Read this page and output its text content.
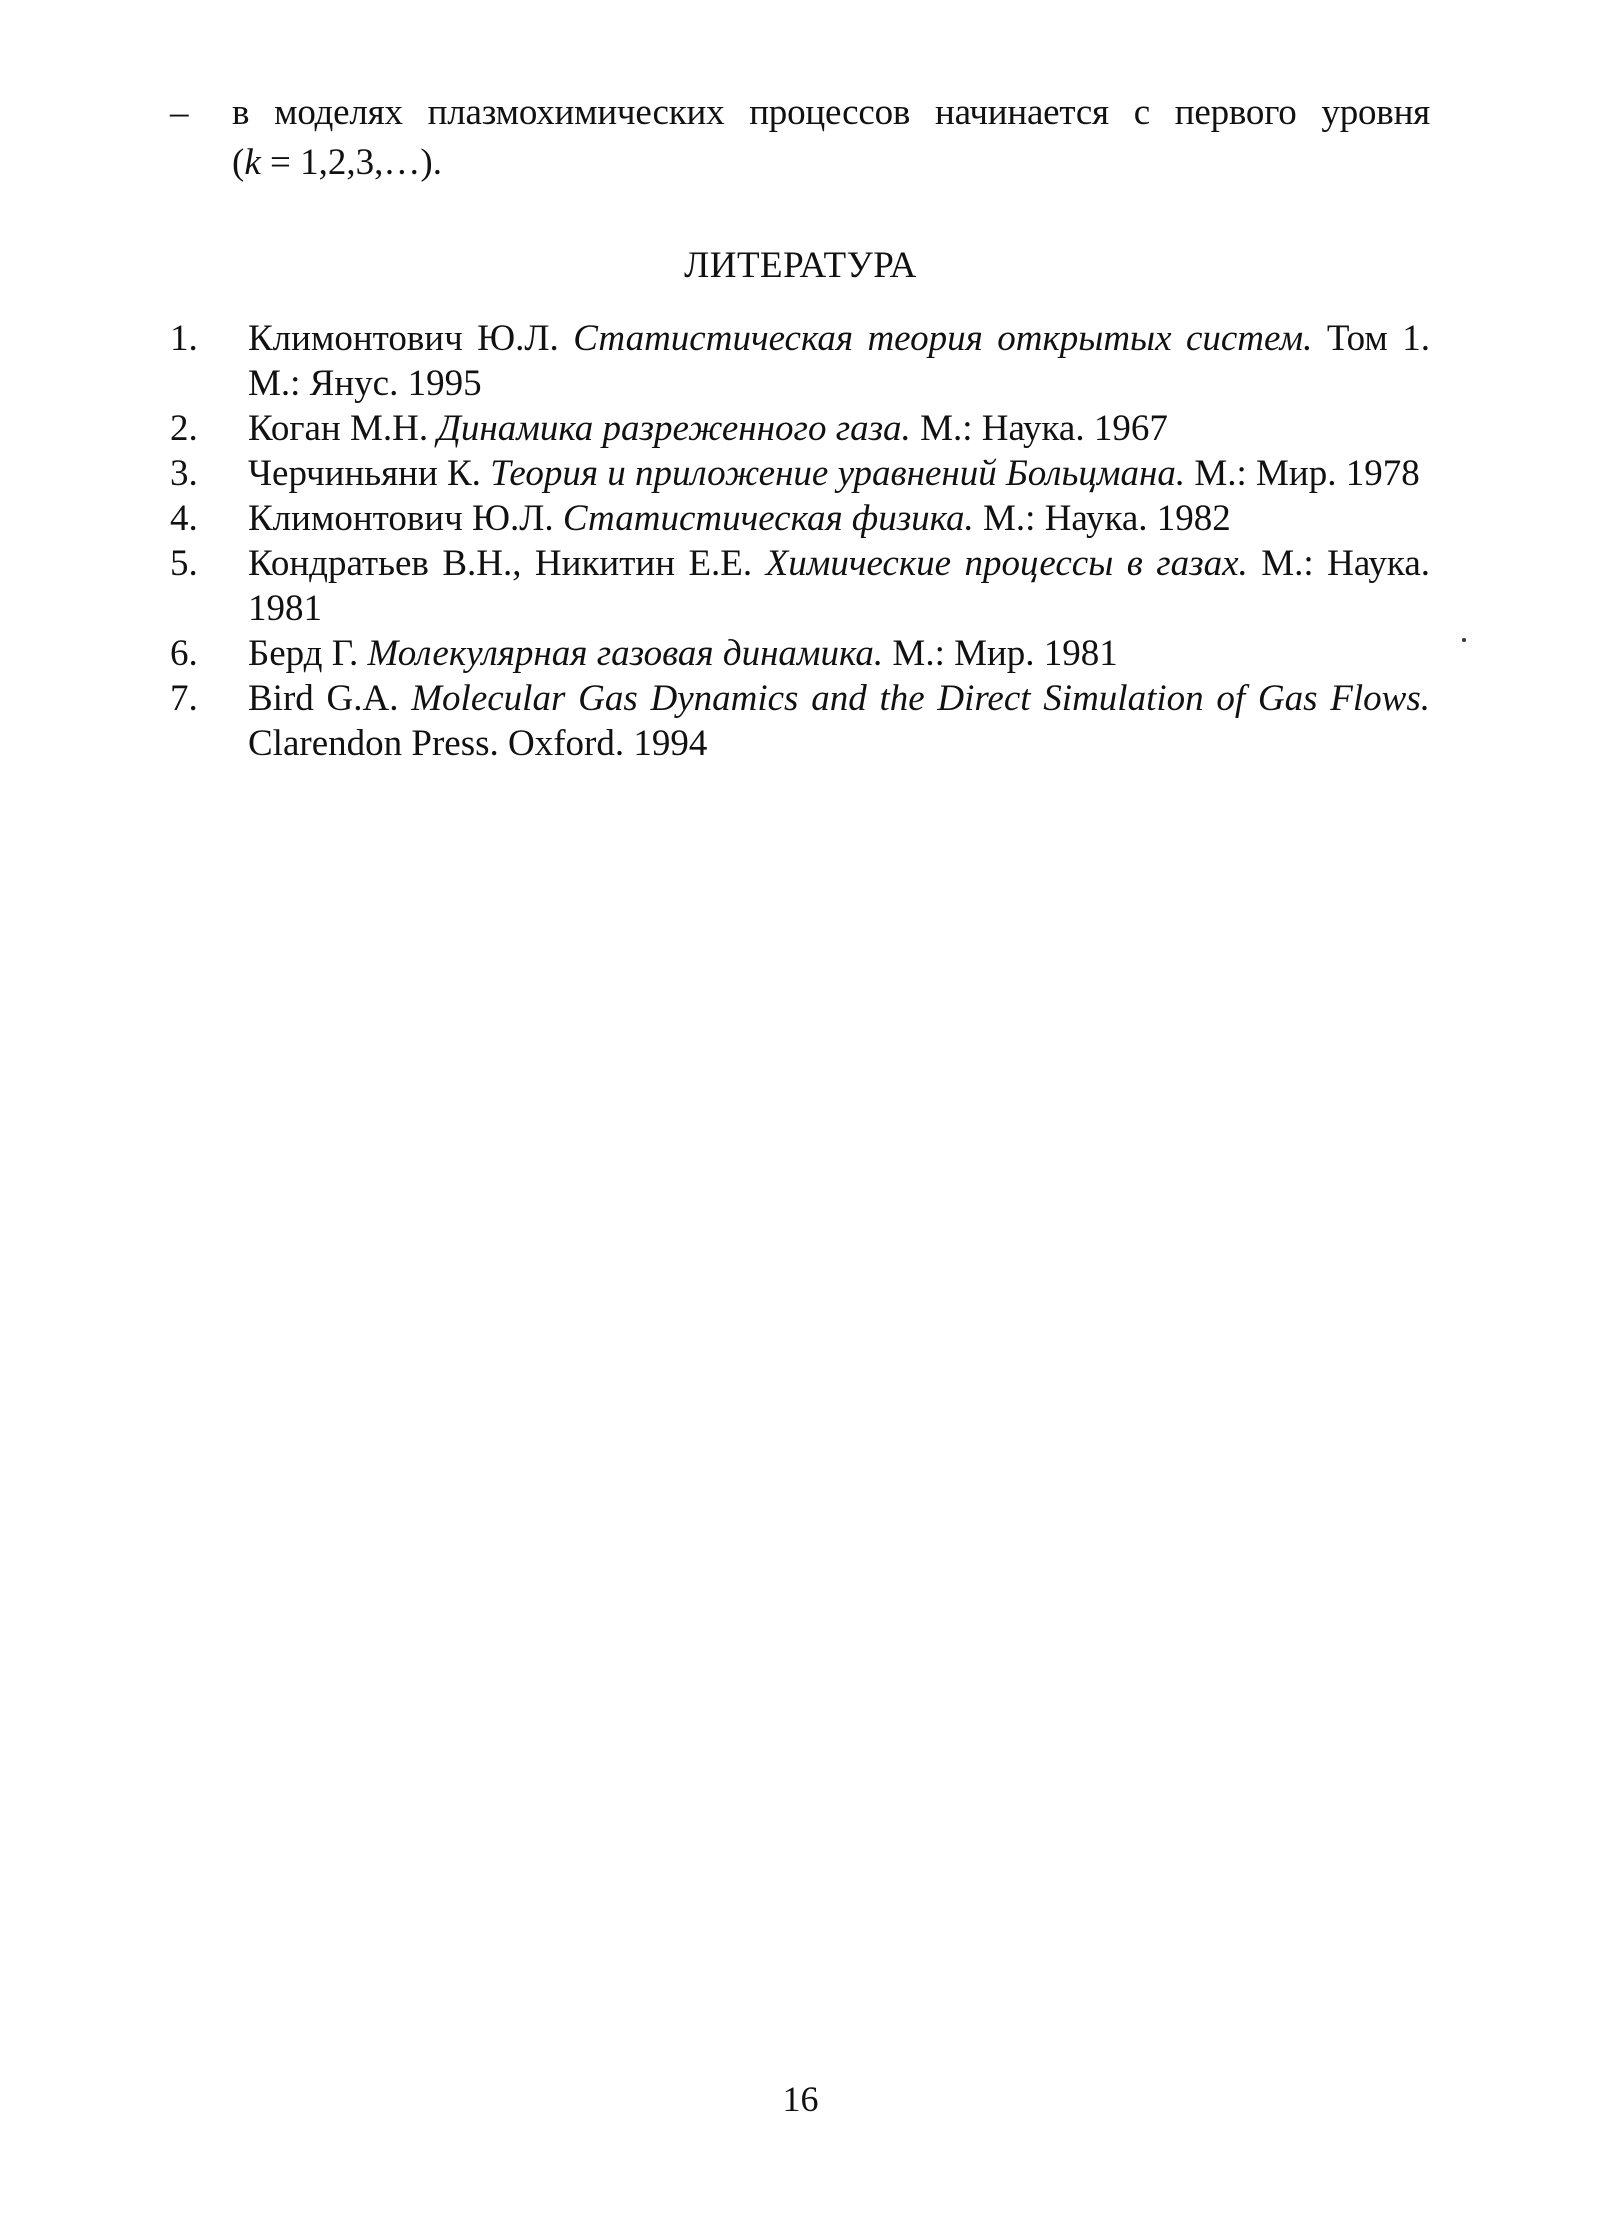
– в моделях плазмохимических процессов начинается с первого уровня
(k = 1,2,3,…).
ЛИТЕРАТУРА
1. Климонтович Ю.Л. Статистическая теория открытых систем. Том 1. М.: Янус. 1995
2. Коган М.Н. Динамика разреженного газа. М.: Наука. 1967
3. Черчиньяни К. Теория и приложение уравнений Больцмана. М.: Мир. 1978
4. Климонтович Ю.Л. Статистическая физика. М.: Наука. 1982
5. Кондратьев В.Н., Никитин Е.Е. Химические процессы в газах. М.: Наука. 1981
6. Берд Г. Молекулярная газовая динамика. М.: Мир. 1981
7. Bird G.A. Molecular Gas Dynamics and the Direct Simulation of Gas Flows. Clarendon Press. Oxford. 1994
16
